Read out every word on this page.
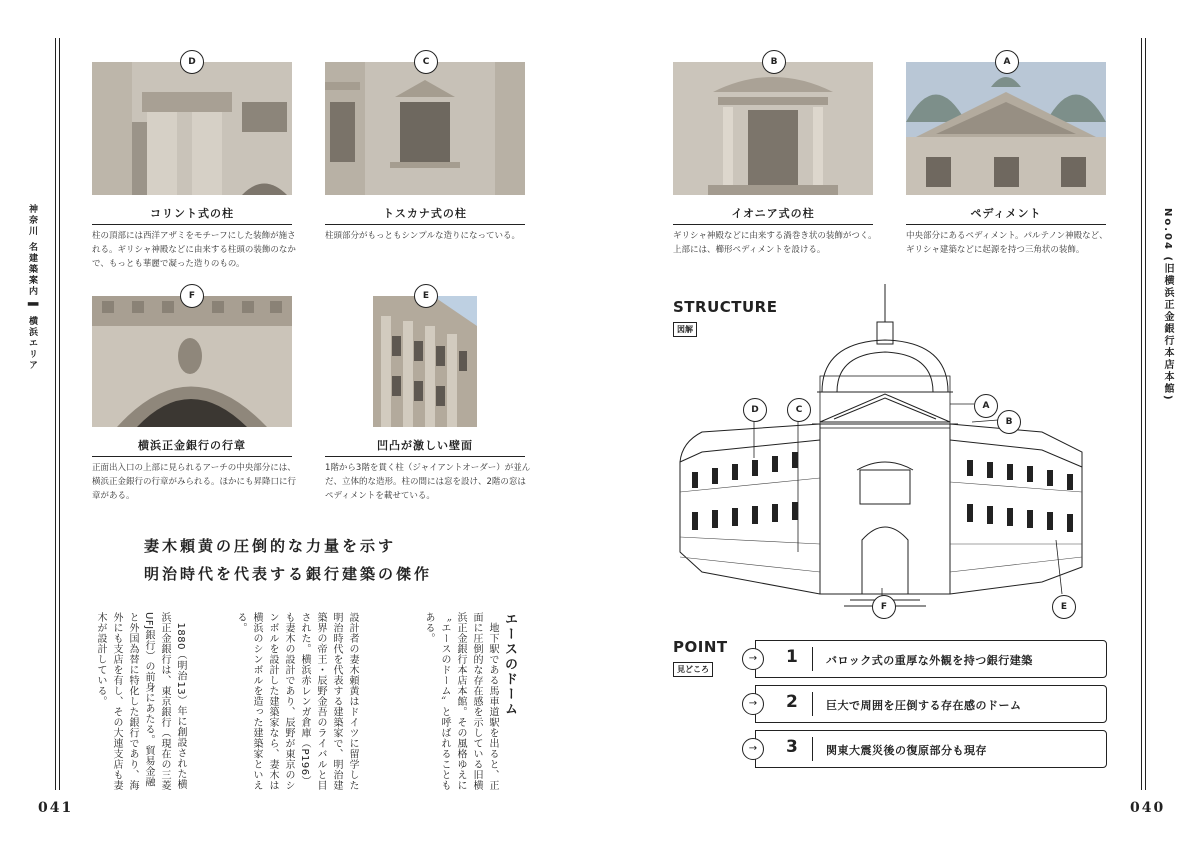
神奈川 名建築案内 ▌ 横浜エリア	No.04 (旧横浜正金銀行本店本館)
041	040
D
コリント式の柱
柱の頂部には西洋アザミをモチーフにした装飾が施される。ギリシャ神殿などに由来する柱頭の装飾のなかで、もっとも華麗で凝った造りのもの。
C
トスカナ式の柱
柱頭部分がもっともシンプルな造りになっている。
B
イオニア式の柱
ギリシャ神殿などに由来する渦巻き状の装飾がつく。上部には、櫛形ペディメントを設ける。
A
ペディメント
中央部分にあるペディメント。パルテノン神殿など、ギリシャ建築などに起源を持つ三角状の装飾。
F
横浜正金銀行の行章
正面出入口の上部に見られるアーチの中央部分には、横浜正金銀行の行章がみられる。ほかにも昇降口に行章がある。
E
凹凸が激しい壁面
1階から3階を貫く柱（ジャイアントオーダー）が並んだ、立体的な造形。柱の間には窓を設け、2階の窓はペディメントを載せている。
妻木頼黄の圧倒的な力量を示す
明治時代を代表する銀行建築の傑作
エースのドーム
　地下駅である馬車道駅を出ると、正面に圧倒的な存在感を示している旧横浜正金銀行本店本館。その風格ゆえに〝エースのドーム〟と呼ばれることもある。
設計者の妻木頼黄はドイツに留学した明治時代を代表する建築家で、明治建築界の帝王・辰野金吾のライバルと目された。横浜赤レンガ倉庫（P196）も妻木の設計であり、辰野が東京のシンボルを設計した建築家なら、妻木は横浜のシンボルを造った建築家といえる。
　1880（明治13）年に創設された横浜正金銀行は、東京銀行（現在の三菱UFJ銀行）の前身にあたる。貿易金融と外国為替に特化した銀行であり、海外にも支店を有し、その大連支店も妻木が設計している。
STRUCTURE
図解
D	C	A
B
F	E
POINT
見どころ
→	1	バロック式の重厚な外観を持つ銀行建築
→	2	巨大で周囲を圧倒する存在感のドーム
→	3	関東大震災後の復原部分も現存
